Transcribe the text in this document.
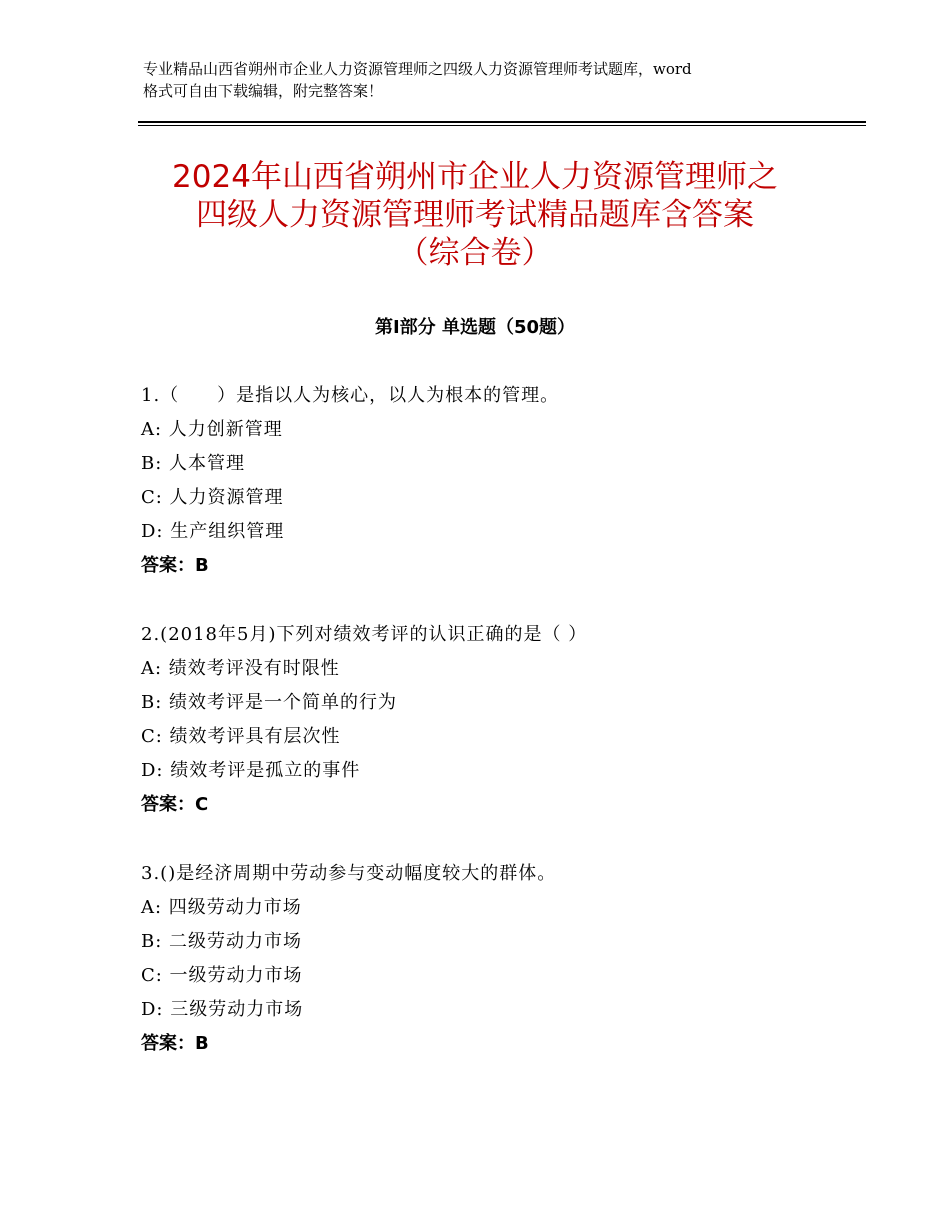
专业精品山西省朔州市企业人力资源管理师之四级人力资源管理师考试题库，word
格式可自由下载编辑，附完整答案！
2024年山西省朔州市企业人力资源管理师之
四级人力资源管理师考试精品题库含答案
（综合卷）
第Ⅰ部分 单选题（50题）
1.（　　）是指以人为核心，以人为根本的管理。
A: 人力创新管理
B: 人本管理
C: 人力资源管理
D: 生产组织管理
答案：B
2.(2018年5月)下列对绩效考评的认识正确的是（ ）
A: 绩效考评没有时限性
B: 绩效考评是一个简单的行为
C: 绩效考评具有层次性
D: 绩效考评是孤立的事件
答案：C
3.()是经济周期中劳动参与变动幅度较大的群体。
A: 四级劳动力市场
B: 二级劳动力市场
C: 一级劳动力市场
D: 三级劳动力市场
答案：B
